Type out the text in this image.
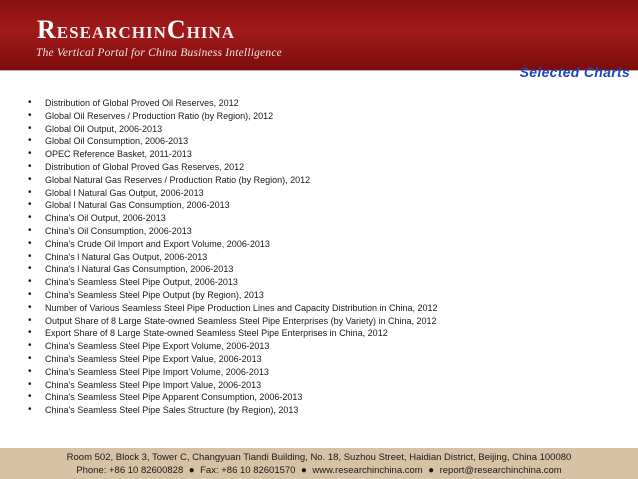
R ESEARCH IN C HINA
The Vertical Portal for China Business Intelligence
Selected Charts
• Distribution of Global Proved Oil Reserves, 2012
• Global Oil Reserves / Production Ratio (by Region), 2012
• Global Oil Output, 2006-2013
• Global Oil Consumption, 2006-2013
• OPEC Reference Basket, 2011-2013
• Distribution of Global Proved Gas Reserves, 2012
• Global Natural Gas Reserves / Production Ratio (by Region), 2012
• Global l Natural Gas Output, 2006-2013
• Global l Natural Gas Consumption, 2006-2013
• China's Oil Output, 2006-2013
• China's Oil Consumption, 2006-2013
• China's Crude Oil Import and Export Volume, 2006-2013
• China's l Natural Gas Output, 2006-2013
• China's l Natural Gas Consumption, 2006-2013
• China's Seamless Steel Pipe Output, 2006-2013
• China's Seamless Steel Pipe Output (by Region), 2013
• Number of Various Seamless Steel Pipe Production Lines and Capacity Distribution in China, 2012
• Output Share of 8 Large State-owned Seamless Steel Pipe Enterprises (by Variety) in China, 2012
• Export Share of 8 Large State-owned Seamless Steel Pipe Enterprises in China, 2012
• China's Seamless Steel Pipe Export Volume, 2006-2013
• China's Seamless Steel Pipe Export Value, 2006-2013
• China's Seamless Steel Pipe Import Volume, 2006-2013
• China's Seamless Steel Pipe Import Value, 2006-2013
• China's Seamless Steel Pipe Apparent Consumption, 2006-2013
• China's Seamless Steel Pipe Sales Structure (by Region), 2013
Room 502, Block 3, Tower C, Changyuan Tiandi Building, No. 18, Suzhou Street, Haidian District, Beijing, China 100080
Phone: +86 10 82600828  ●  Fax: +86 10 82601570  ●  www.researchinchina.com  ●  report@researchinchina.com
